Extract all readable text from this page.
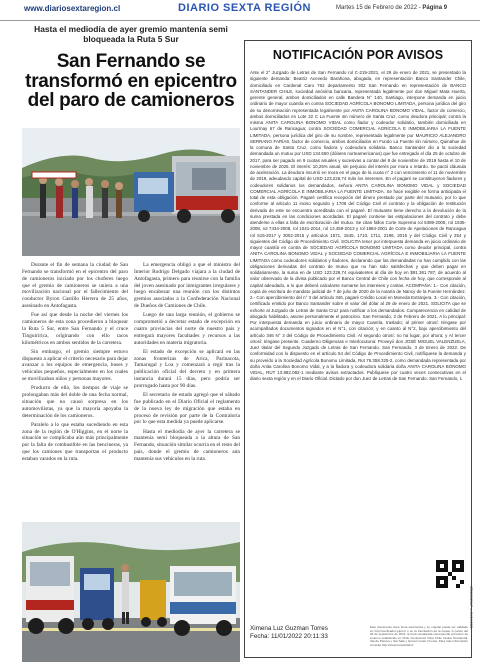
www.diariosextaregion.cl	DIARIO SEXTA REGIÓN	Martes 15 de Febrero de 2022 - Página 9
Hasta el mediodía de ayer gremio mantenía semi bloqueada la Ruta 5 Sur
San Fernando se transformó en epicentro del paro de camioneros

Durante el fin de semana la ciudad de San Fernando se transformó en el epicentro del paro de camioneros iniciado por los choferes luego que el gremio de camioneros se uniera a una movilización nacional por el fallecimiento del conductor Byron Castillo Herrera de 25 años, asesinado en Antofagasta.

Fue así que desde la noche del viernes los camioneros de esta zona procedieron a bloquear la Ruta 5 Sur, entre San Fernando y el cruce Tinguiririca, originando con ello tacos kilométricos en ambos sentidos de la carretera.

Sin embargo, el gremio siempre estuvo dispuesto a aplicar el criterio necesario para dejar avanzar a los equipos de emergencia, buses y vehículos pequeños, especialmente en los cuales se movilizaban niños y personas mayores.

Producto de ello, los tiempos de viaje se prolongaban más del doble de una fecha normal, situación que no causó sorpresa en los automovilistas, ya que la mayoría apoyaba la determinación de los camioneros.

Paralelo a lo que estaba sucediendo en esta zona de la región de O'Higgins, en el norte la situación se complicaba aún más principalmente por la falta de combustible en las bencineras, ya que los camiones que transportan el producto estaban varados en la ruta.

La emergencia obligó a que el ministro del Interior Rodrigo Delgado viajara a la ciudad de Antofagasta, primero para reunirse con la familia del joven asesinado por inmigrantes irregulares y luego encabezar una reunión con los distintos gremios asociados a la Confederación Nacional de Dueños de Camiones de Chile.

Luego de una larga reunión, el gobierno se comprometió a decretar estado de excepción en cuatro provincias del norte de nuestro país y entregará mayores facultades y recursos a las autoridades en materia migratoria.

El estado de excepción se aplicará en las zonas fronterizas de Arica, Parinacota, Tamarugal y Loa y comenzará a regir tras la publicación oficial del decreto y en primera instancia durará 15 días, pero podría ser prorrogado hasta por 90 días.

El secretario de estado agregó que el sábado fue publicado en el Diario Oficial el reglamento de la nueva ley de migración que estaba en proceso de revisión por parte de la Contraloría por lo que esta medida ya puede aplicarse.

Hasta el mediodía de ayer la carretera se mantenía semi bloqueada a la altura de San Fernando, situación similar ocurría en el resto del país, donde el gremio de camioneros aún mantenía sus vehículos en la ruta.

NOTIFICACIÓN POR AVISOS
Ante el 2° Juzgado de Letras de San Fernando rol C-219-2021, el 29 de enero de 2021, se presentado la siguiente demanda: Beatriz Acevedo Barahona, abogada, en representación Banco Santander Chile, domiciliado en Cardenal Caro 762 departamento 302 San Fernando en representación de BANCO SANTANDER CHILE, sociedad anónima bancaria, representada legalmente por don Miguel Mata Huerta, gerente general, ambos domiciliados en calle Bandera N° 140, Santiago, interpone demanda en juicio ordinario de mayor cuantía en contra SOCIEDAD AGRÍCOLA BONOMO LIMITADA, persona jurídica del giro de su denominación representada legalmente por ANITA CAROLINA BONOMO VIDAL, factor de comercio, ambos domiciliados en Lote 22 C La Fuente sin número de Santa Cruz, como deudora principal; contra la misma ANITA CAROLINA BONOMO VIDAL como fiador y codeudor solidario, también domiciliada en Lourmay 67 de Rancagua; contra SOCIEDAD COMERCIAL AGRÍCOLA E INMOBILIARIA LA FUENTE LIMITADA, persona jurídica del giro de su nombre, representada legalmente por MAURICIO ALEJANDRO SERRANO FARÍAS, factor de comercio, ambos domiciliados en Fundo La Fuente sin número, Quinahue de la comuna de Santa Cruz, como fiadora y codeudora solidaria. Banco Santander dio a la sociedad demandada un mutuo por USD 134.550 (dólares norteamericanos) que fue entregado el día 25 de octubre de 2017, para ser pagado en 9 cuotas anuales y sucesivas a contar del 8 de noviembre de 2019 hasta el 10 de noviembre de 2025. El interés: 10,25% anual, sin perjuicio del interés por mora o retardo. Se pactó cláusula de aceleración. La deudora incurrió en mora en el pago de la cuota n° 2 con vencimiento el 11 de noviembre de 2019, adeudando capital de USD 123.226,74 más los intereses. En el pagaré se constituyeron fiadores y codeudores solidarios los demandados, señora ANITA CAROLINA BONOMO VIDAL y SOCIEDAD COMERCIAL AGRÍCOLA E INMOBILIARIA LA FUENTE LIMITADA. Se hace exigible en forma anticipada el total de esta obligación. Pagaré certifica recepción del dinero prestado por parte del mutuario, por lo que conforme al artículo 11 inciso segundo y 1706 del Código Civil el contrato y la obligación de restitución derivada de este se encuentra acreditada con el pagaré. El mutuante tiene derecho a la devolución de la suma prestada en las condiciones acordadas. El pagaré contiene las estipulaciones del contrato y debe atenderse a ellas a falta de escrituración del mutuo. Se citan fallos Corte Suprema rol 5389-2005, rol 1535-2008, rol 7434-2008, rol 1041-2014, rol 13.459-2013 y rol 1884-2001 de Corte de Apelaciones de Rancagua rol 515-2017 y 3002-2015 y artículos 1571, 1545, 1710, 1711, 2196, 2015 y del Código Civil y 254 y siguientes del Código de Procedimiento Civil. SOLICITA tener por interpuesta demanda en juicio ordinario de mayor cuantía en contra de SOCIEDAD AGRÍCOLA BONOMO LIMITADA como deudor principal, contra ANITA CAROLINA BONOMO VIDAL y SOCIEDAD COMERCIAL AGRÍCOLA E INMOBILIARIA LA FUENTE LIMITADA como codeudores solidarios y fiadores, declarando que las demandadas no han cumplido con las obligaciones derivadas del contrato de mutuo que no han sido satisfechas y que deben pagar en solidariamente, la suma en de USD 123.226,74 equivalentes al día de hoy en $91.361.787, de acuerdo al valor observado de la divisa publicado por el Banco Central de Chile con fecha de hoy, que corresponde al capital adeudado, a lo que deberá calcularse sumarse los intereses y costas. ACOMPAÑA: 1.- Con citación, copia de escritura de mandato judicial de 7 de julio de 2020 de la notaría de Nancy de la Fuente Hernández. 2.- Con apercibimiento del n° 3 del artículo 346, pagaré Crédito Local en Moneda Extranjera. 3.- Con citación, certificado emitido por Banco Santander sobre el valor del dólar al 29 de enero de 2021. SOLICITA que se exhorte al Juzgado de Letras de Santa Cruz para notificar a los demandados. Comparecencia en calidad de abogado habilitado, asume personalmente el patrocinio. San Fernando, 2 de Febrero de 2021. A lo principal: Por interpuesta demanda en juicio ordinario de mayor Cuantía, traslado; al primer otrosí: téngase por acompañados documentos signados en el N°1, con citación; y en cuanto al N°2, bajo apercibimiento del artículo 346 N° 3 del Código de Procedimiento Civil. Al segundo otrosí: no ha lugar, por ahora; y Al tercer otrosí: téngase presente. Cuaderno Diligencias e Interlocutoria: Proveyó don JOSÉ MIGUEL VALENZUELA, Juez titular del Segundo Juzgado de Letras de San Fernando. San Fernando, 3 de Enero de 2022. De conformidad con lo dispuesto en el artículo 54 del Código de Procedimiento Civil, notifíquese la demanda y su proveído a la Sociedad Agrícola Bonomo Limitada, Rut 76.358.325-2, como demandada representada por doña Anita Carolina Bonomo Vidal, y a la fiadora y codeudora solidaria doña ANITA CAROLINA BONOMO VIDAL, RUT 13.882.082-1 mediante avisos extractados. Publíquese por cuatro veces consecutivas en el diario sexta región y en el Diario Oficial. Dictado por don Juez de Letras de San Fernando. San Fernando, 1
JFDGGXZXLP — C-219-2021
Ximena Luz Guzman Torres
Fecha: 11/01/2022 20:11:33
Este documento tiene firma electrónica y su original puede ser validado en http://verificadoc.pjud.cl o en la tramitación de la causa. A contar del 09 de septiembre de 2021, la hora visualizada corresponde al horario de invierno establecido en Chile Continental. Para Chile Insular Occidental, Isla de Pascua y Isla Sala y Gómez restar 2 horas. Para más información consulte http://www.horaoficial.cl
